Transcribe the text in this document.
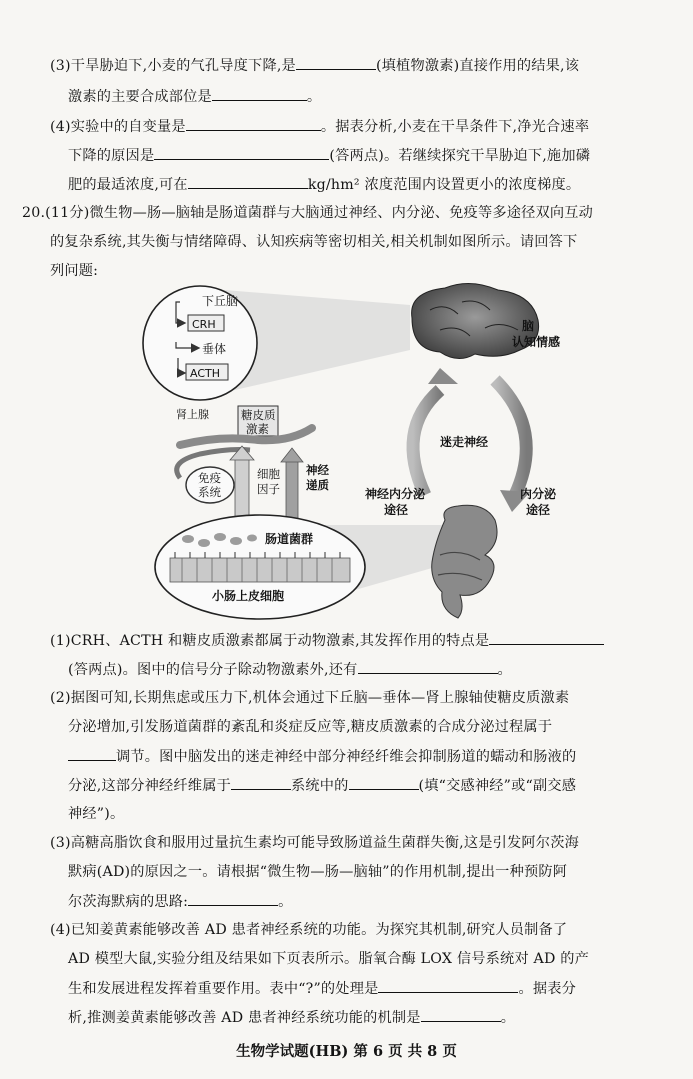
(3)干旱胁迫下,小麦的气孔导度下降,是	(填植物激素)直接作用的结果,该
激素的主要合成部位是	。
(4)实验中的自变量是	。据表分析,小麦在干旱条件下,净光合速率
下降的原因是	(答两点)。若继续探究干旱胁迫下,施加磷
肥的最适浓度,可在	kg/hm² 浓度范围内设置更小的浓度梯度。
20.(11分)微生物—肠—脑轴是肠道菌群与大脑通过神经、内分泌、免疫等多途径双向互动
的复杂系统,其失衡与情绪障碍、认知疾病等密切相关,相关机制如图所示。请回答下
列问题:
下丘脑
CRH
垂体
ACTH
肾上腺	糖皮质
激素
免疫
系统
细胞
因子
神经
递质
肠道菌群
小肠上皮细胞
脑
认知情感
迷走神经
神经内分泌
途径
内分泌
途径
(1)CRH、ACTH 和糖皮质激素都属于动物激素,其发挥作用的特点是
(答两点)。图中的信号分子除动物激素外,还有	。
(2)据图可知,长期焦虑或压力下,机体会通过下丘脑—垂体—肾上腺轴使糖皮质激素
分泌增加,引发肠道菌群的紊乱和炎症反应等,糖皮质激素的合成分泌过程属于
调节。图中脑发出的迷走神经中部分神经纤维会抑制肠道的蠕动和肠液的
分泌,这部分神经纤维属于	系统中的	(填“交感神经”或“副交感
神经”)。
(3)高糖高脂饮食和服用过量抗生素均可能导致肠道益生菌群失衡,这是引发阿尔茨海
默病(AD)的原因之一。请根据“微生物—肠—脑轴”的作用机制,提出一种预防阿
尔茨海默病的思路:	。
(4)已知姜黄素能够改善 AD 患者神经系统的功能。为探究其机制,研究人员制备了
AD 模型大鼠,实验分组及结果如下页表所示。脂氧合酶 LOX 信号系统对 AD 的产
生和发展进程发挥着重要作用。表中“?”的处理是	。据表分
析,推测姜黄素能够改善 AD 患者神经系统功能的机制是	。
生物学试题(HB) 第 6 页 共 8 页
